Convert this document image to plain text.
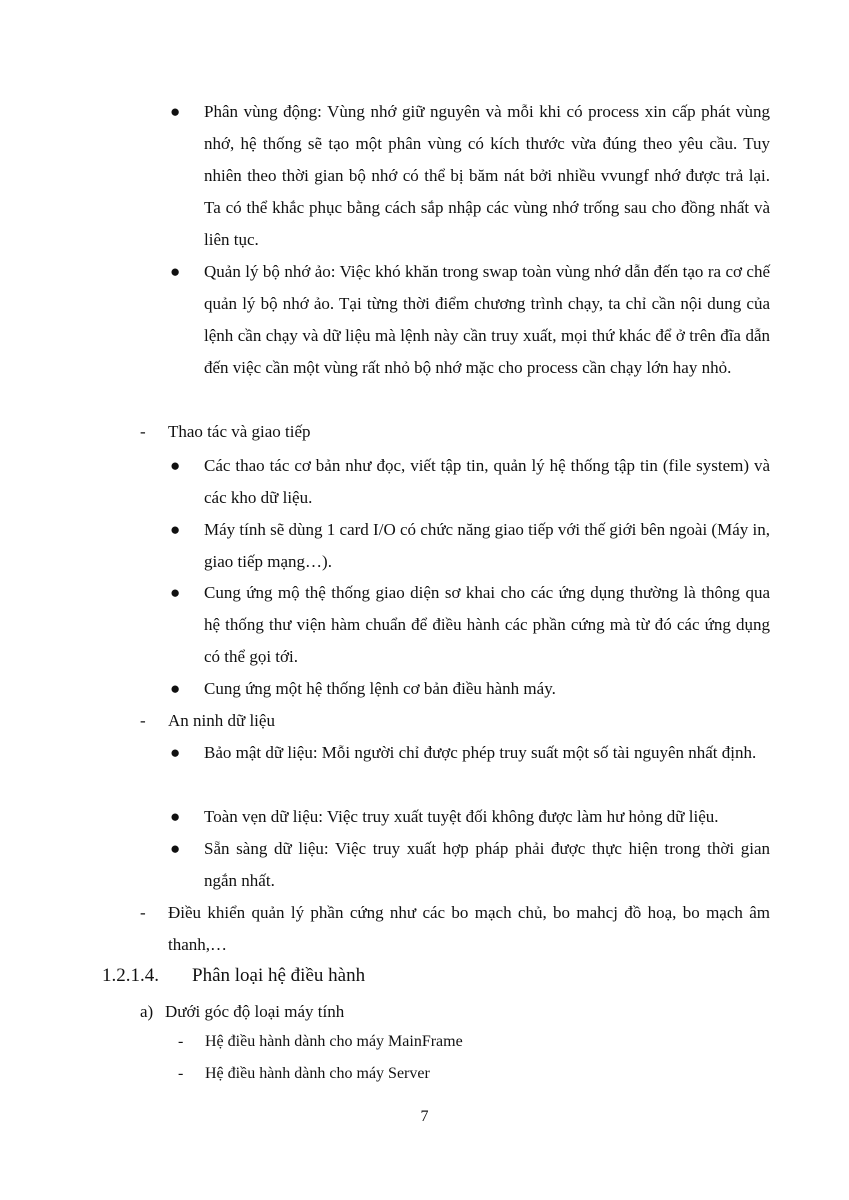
● Phân vùng động: Vùng nhớ giữ nguyên và mỗi khi có process xin cấp phát vùng nhớ, hệ thống sẽ tạo một phân vùng có kích thước vừa đúng theo yêu cầu. Tuy nhiên theo thời gian bộ nhớ có thể bị băm nát bởi nhiều vvungf nhớ được trả lại. Ta có thể khắc phục bằng cách sắp nhập các vùng nhớ trống sau cho đồng nhất và liên tục.
● Quản lý bộ nhớ ảo: Việc khó khăn trong swap toàn vùng nhớ dẫn đến tạo ra cơ chế quản lý bộ nhớ ảo. Tại từng thời điểm chương trình chạy, ta chỉ cần nội dung của lệnh cần chạy và dữ liệu mà lệnh này cần truy xuất, mọi thứ khác để ở trên đĩa dẫn đến việc cần một vùng rất nhỏ bộ nhớ mặc cho process cần chạy lớn hay nhỏ.
- Thao tác và giao tiếp
● Các thao tác cơ bản như đọc, viết tập tin, quản lý hệ thống tập tin (file system) và các kho dữ liệu.
● Máy tính sẽ dùng 1 card I/O có chức năng giao tiếp với thế giới bên ngoài (Máy in, giao tiếp mạng…).
● Cung ứng mộ thệ thống giao diện sơ khai cho các ứng dụng thường là thông qua hệ thống thư viện hàm chuẩn để điều hành các phần cứng mà từ đó các ứng dụng có thể gọi tới.
● Cung ứng một hệ thống lệnh cơ bản điều hành máy.
- An ninh dữ liệu
● Bảo mật dữ liệu: Mỗi người chỉ được phép truy suất một số tài nguyên nhất định.
● Toàn vẹn dữ liệu: Việc truy xuất tuyệt đối không được làm hư hỏng dữ liệu.
● Sẵn sàng dữ liệu: Việc truy xuất hợp pháp phải được thực hiện trong thời gian ngắn nhất.
- Điều khiển quản lý phần cứng như các bo mạch chủ, bo mahcj đồ hoạ, bo mạch âm thanh,…
1.2.1.4. Phân loại hệ điều hành
a) Dưới góc độ loại máy tính
- Hệ điều hành dành cho máy MainFrame
- Hệ điều hành dành cho máy Server
7
